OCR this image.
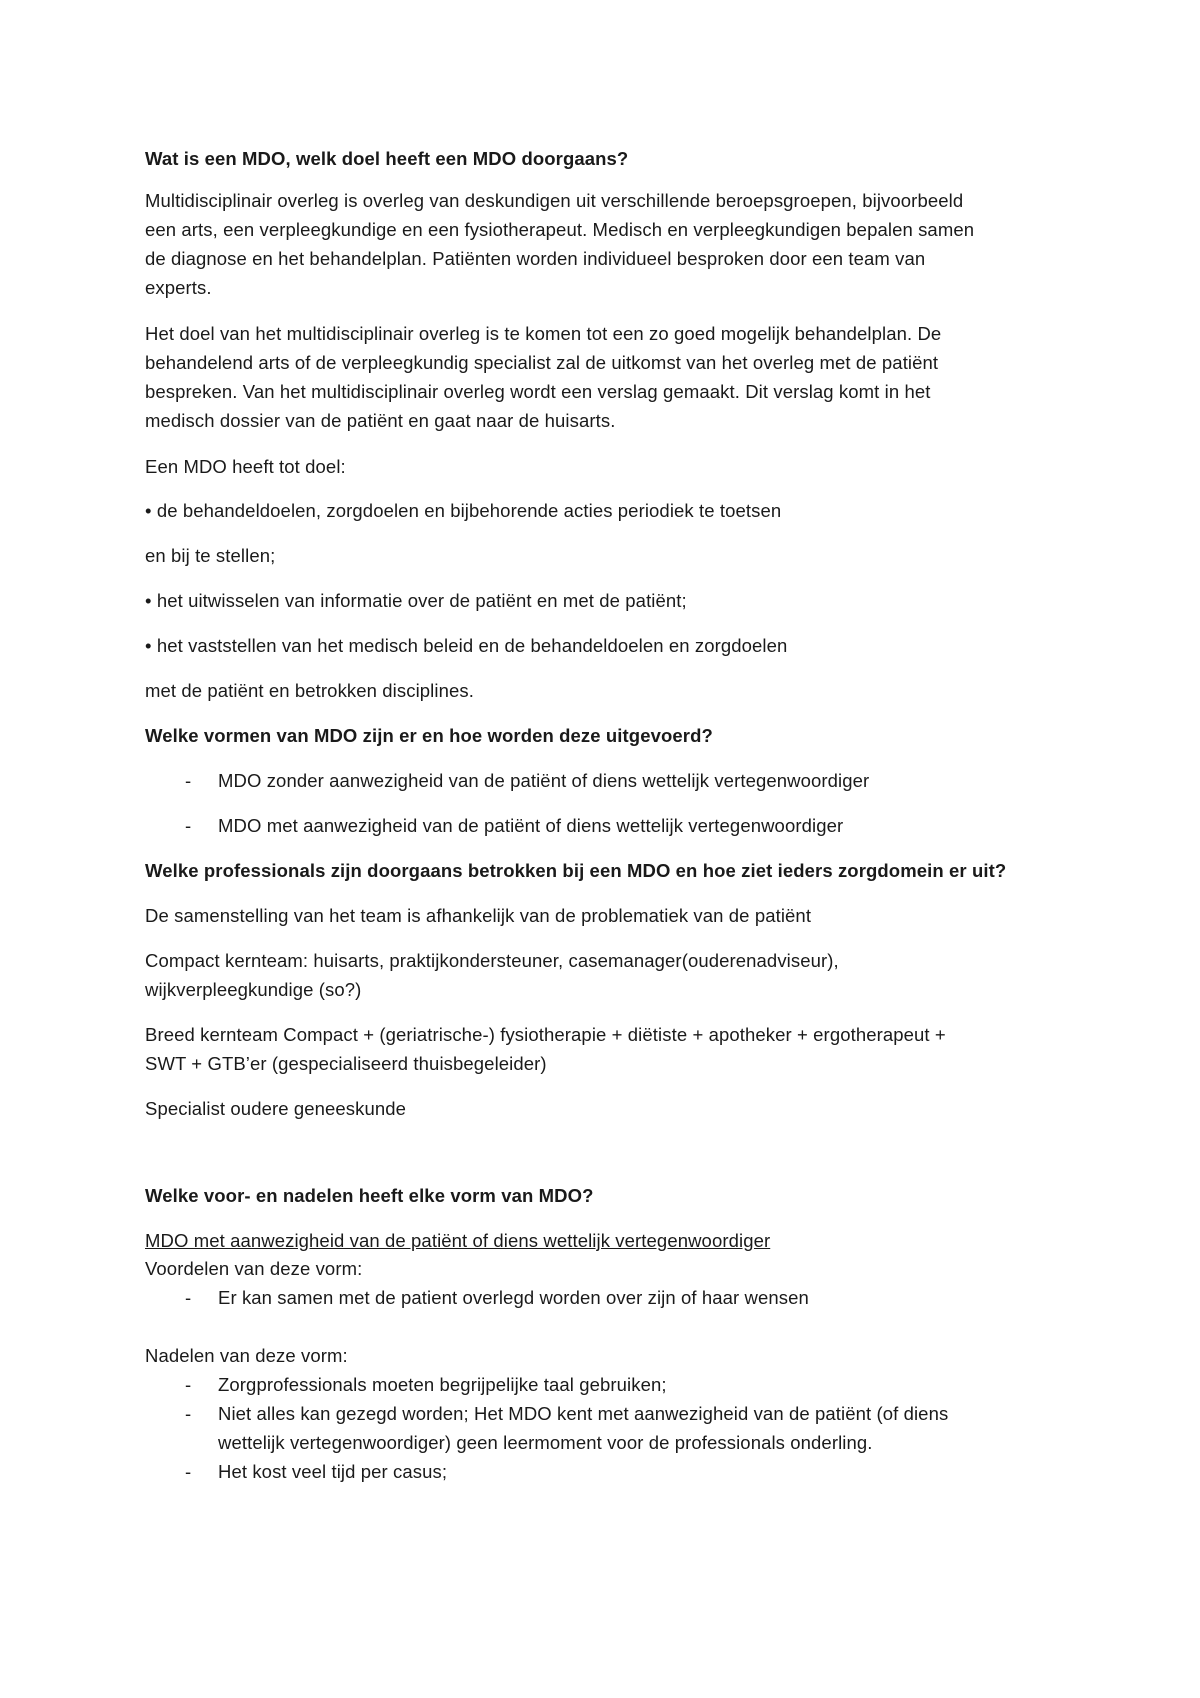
Wat is een MDO, welk doel heeft een MDO doorgaans?
Multidisciplinair overleg is overleg van deskundigen uit verschillende beroepsgroepen, bijvoorbeeld
een arts, een verpleegkundige en een fysiotherapeut. Medisch en verpleegkundigen bepalen samen
de diagnose en het behandelplan. Patiënten worden individueel besproken door een team van
experts.
Het doel van het multidisciplinair overleg is te komen tot een zo goed mogelijk behandelplan. De
behandelend arts of de verpleegkundig specialist zal de uitkomst van het overleg met de patiënt
bespreken. Van het multidisciplinair overleg wordt een verslag gemaakt. Dit verslag komt in het
medisch dossier van de patiënt en gaat naar de huisarts.
Een MDO heeft tot doel:
• de behandeldoelen, zorgdoelen en bijbehorende acties periodiek te toetsen
en bij te stellen;
• het uitwisselen van informatie over de patiënt en met de patiënt;
• het vaststellen van het medisch beleid en de behandeldoelen en zorgdoelen
met de patiënt en betrokken disciplines.
Welke vormen van MDO zijn er en hoe worden deze uitgevoerd?
- MDO zonder aanwezigheid van de patiënt of diens wettelijk vertegenwoordiger
- MDO met aanwezigheid van de patiënt of diens wettelijk vertegenwoordiger
Welke professionals zijn doorgaans betrokken bij een MDO en hoe ziet ieders zorgdomein er uit?
De samenstelling van het team is afhankelijk van de problematiek van de patiënt
Compact kernteam: huisarts, praktijkondersteuner, casemanager(ouderenadviseur),
wijkverpleegkundige (so?)
Breed kernteam Compact + (geriatrische-) fysiotherapie + diëtiste + apotheker + ergotherapeut +
SWT + GTB’er (gespecialiseerd thuisbegeleider)
Specialist oudere geneeskunde
Welke voor- en nadelen heeft elke vorm van MDO?
MDO met aanwezigheid van de patiënt of diens wettelijk vertegenwoordiger
Voordelen van deze vorm:
- Er kan samen met de patient overlegd worden over zijn of haar wensen
Nadelen van deze vorm:
- Zorgprofessionals moeten begrijpelijke taal gebruiken;
- Niet alles kan gezegd worden; Het MDO kent met aanwezigheid van de patiënt (of diens
wettelijk vertegenwoordiger) geen leermoment voor de professionals onderling.
- Het kost veel tijd per casus;
